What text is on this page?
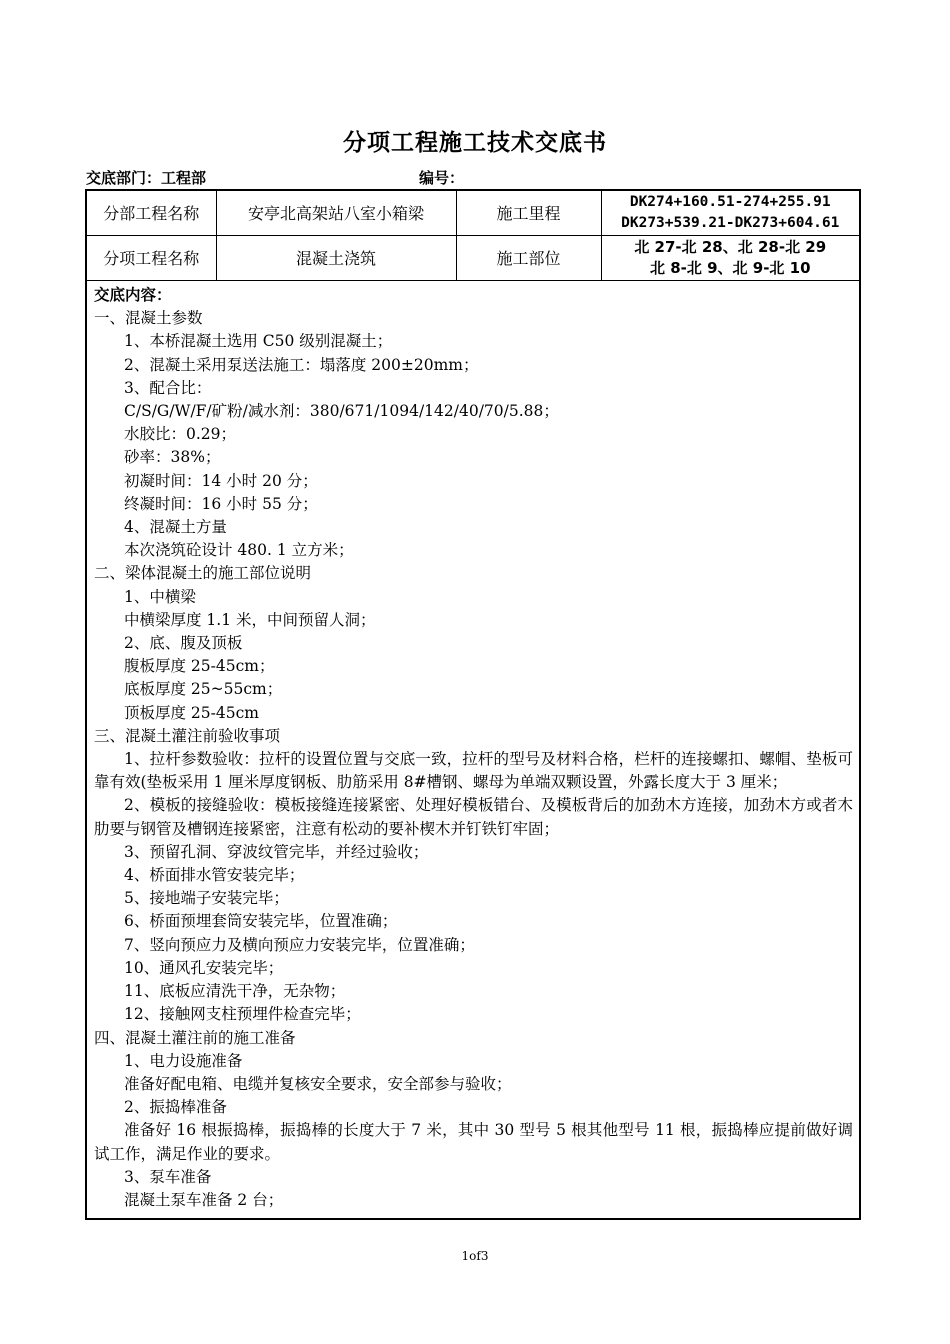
分项工程施工技术交底书
交底部门：工程部	编号：
分部工程名称	安亭北高架站八室小箱梁	施工里程	DK274+160.51-274+255.91
DK273+539.21-DK273+604.61

分项工程名称	混凝土浇筑	施工部位	北 27-北 28、北 28-北 29
北 8-北 9、北 9-北 10
交底内容：
一、混凝土参数
1、本桥混凝土选用 C50 级别混凝土；
2、混凝土采用泵送法施工：塌落度 200±20mm；
3、配合比：
C/S/G/W/F/矿粉/减水剂：380/671/1094/142/40/70/5.88；
水胶比：0.29；
砂率：38%；
初凝时间：14 小时 20 分；
终凝时间：16 小时 55 分；
4、混凝土方量
本次浇筑砼设计 480. 1 立方米；
二、梁体混凝土的施工部位说明
1、中横梁
中横梁厚度 1.1 米，中间预留人洞；
2、底、腹及顶板
腹板厚度 25-45cm；
底板厚度 25~55cm；
顶板厚度 25-45cm
三、混凝土灌注前验收事项
1、拉杆参数验收：拉杆的设置位置与交底一致，拉杆的型号及材料合格，栏杆的连接螺扣、螺帽、垫板可靠有效(垫板采用 1 厘米厚度钢板、肋筋采用 8#槽钢、螺母为单端双颗设置，外露长度大于 3 厘米；
2、模板的接缝验收：模板接缝连接紧密、处理好模板错台、及模板背后的加劲木方连接，加劲木方或者木肋要与钢管及槽钢连接紧密，注意有松动的要补楔木并钉铁钉牢固；
3、预留孔洞、穿波纹管完毕，并经过验收；
4、桥面排水管安装完毕；
5、接地端子安装完毕；
6、桥面预埋套筒安装完毕，位置准确；
7、竖向预应力及横向预应力安装完毕，位置准确；
10、通风孔安装完毕；
11、底板应清洗干净，无杂物；
12、接触网支柱预埋件检查完毕；
四、混凝土灌注前的施工准备
1、电力设施准备
准备好配电箱、电缆并复核安全要求，安全部参与验收；
2、振捣棒准备
准备好 16 根振捣棒，振捣棒的长度大于 7 米，其中 30 型号 5 根其他型号 11 根，振捣棒应提前做好调试工作，满足作业的要求。
3、泵车准备
混凝土泵车准备 2 台；
1of3
